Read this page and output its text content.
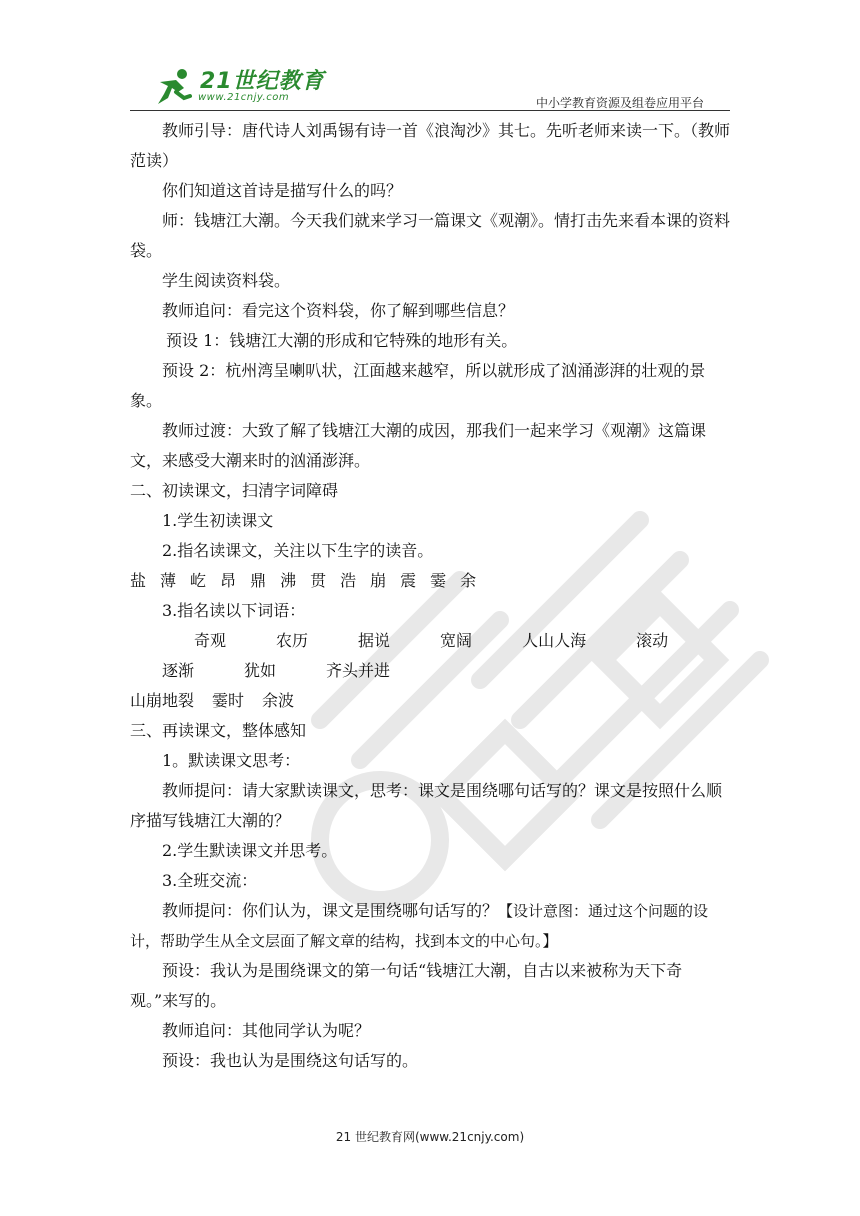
21世纪教育
www.21cnjy.com	中小学教育资源及组卷应用平台

教师引导：唐代诗人刘禹锡有诗一首《浪淘沙》其七。先听老师来读一下。（教师范读）

你们知道这首诗是描写什么的吗？

师：钱塘江大潮。今天我们就来学习一篇课文《观潮》。情打击先来看本课的资料袋。

学生阅读资料袋。

教师追问：看完这个资料袋，你了解到哪些信息？

预设 1：钱塘江大潮的形成和它特殊的地形有关。

预设 2：杭州湾呈喇叭状，江面越来越窄，所以就形成了汹涌澎湃的壮观的景象。

教师过渡：大致了解了钱塘江大潮的成因，那我们一起来学习《观潮》这篇课文，来感受大潮来时的汹涌澎湃。

二、初读课文，扫清字词障碍

1.学生初读课文

2.指名读课文，关注以下生字的读音。

盐 薄 屹 昂 鼎 沸 贯 浩 崩 震 霎 余

3.指名读以下词语：

奇观	农历	据说	宽阔	人山人海	滚动逐渐	犹如	齐头并进

山崩地裂 霎时 余波

三、再读课文，整体感知

1。默读课文思考：

教师提问：请大家默读课文，思考：课文是围绕哪句话写的？课文是按照什么顺序描写钱塘江大潮的？

2.学生默读课文并思考。

3.全班交流：

教师提问：你们认为，课文是围绕哪句话写的？【设计意图：通过这个问题的设计，帮助学生从全文层面了解文章的结构，找到本文的中心句。】

预设：我认为是围绕课文的第一句话“钱塘江大潮，自古以来被称为天下奇观。”来写的。

教师追问：其他同学认为呢？

预设：我也认为是围绕这句话写的。

21 世纪教育网(www.21cnjy.com)
